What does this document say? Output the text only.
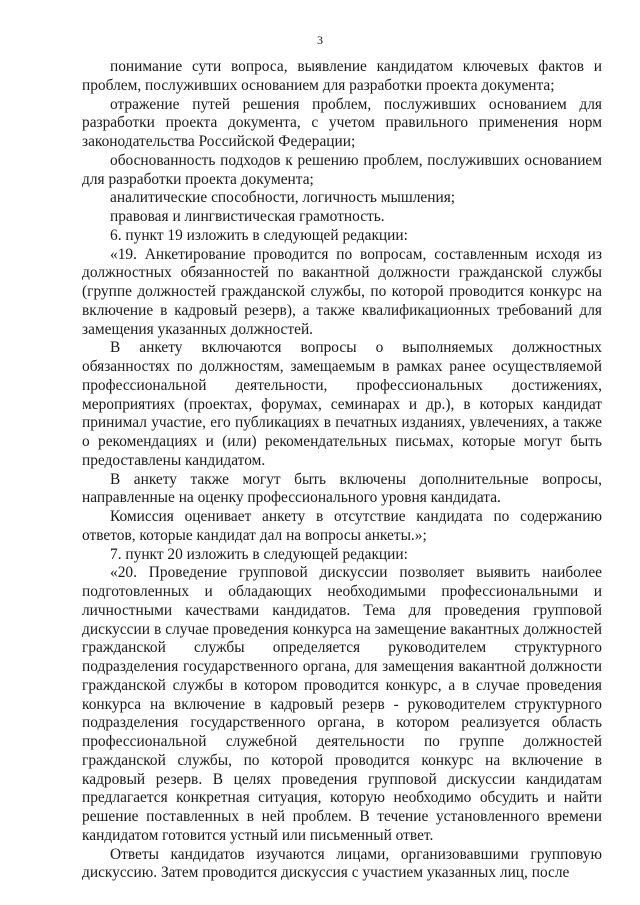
3

понимание сути вопроса, выявление кандидатом ключевых фактов и проблем, послуживших основанием для разработки проекта документа;

отражение путей решения проблем, послуживших основанием для разработки проекта документа, с учетом правильного применения норм законодательства Российской Федерации;

обоснованность подходов к решению проблем, послуживших основанием для разработки проекта документа;

аналитические способности, логичность мышления;

правовая и лингвистическая грамотность.

6. пункт 19 изложить в следующей редакции:

«19. Анкетирование проводится по вопросам, составленным исходя из должностных обязанностей по вакантной должности гражданской службы (группе должностей гражданской службы, по которой проводится конкурс на включение в кадровый резерв), а также квалификационных требований для замещения указанных должностей.

В анкету включаются вопросы о выполняемых должностных обязанностях по должностям, замещаемым в рамках ранее осуществляемой профессиональной деятельности, профессиональных достижениях, мероприятиях (проектах, форумах, семинарах и др.), в которых кандидат принимал участие, его публикациях в печатных изданиях, увлечениях, а также о рекомендациях и (или) рекомендательных письмах, которые могут быть предоставлены кандидатом.

В анкету также могут быть включены дополнительные вопросы, направленные на оценку профессионального уровня кандидата.

Комиссия оценивает анкету в отсутствие кандидата по содержанию ответов, которые кандидат дал на вопросы анкеты.»;

7. пункт 20 изложить в следующей редакции:

«20. Проведение групповой дискуссии позволяет выявить наиболее подготовленных и обладающих необходимыми профессиональными и личностными качествами кандидатов. Тема для проведения групповой дискуссии в случае проведения конкурса на замещение вакантных должностей гражданской службы определяется руководителем структурного подразделения государственного органа, для замещения вакантной должности гражданской службы в котором проводится конкурс, а в случае проведения конкурса на включение в кадровый резерв - руководителем структурного подразделения государственного органа, в котором реализуется область профессиональной служебной деятельности по группе должностей гражданской службы, по которой проводится конкурс на включение в кадровый резерв. В целях проведения групповой дискуссии кандидатам предлагается конкретная ситуация, которую необходимо обсудить и найти решение поставленных в ней проблем. В течение установленного времени кандидатом готовится устный или письменный ответ.

Ответы кандидатов изучаются лицами, организовавшими групповую дискуссию. Затем проводится дискуссия с участием указанных лиц, после
